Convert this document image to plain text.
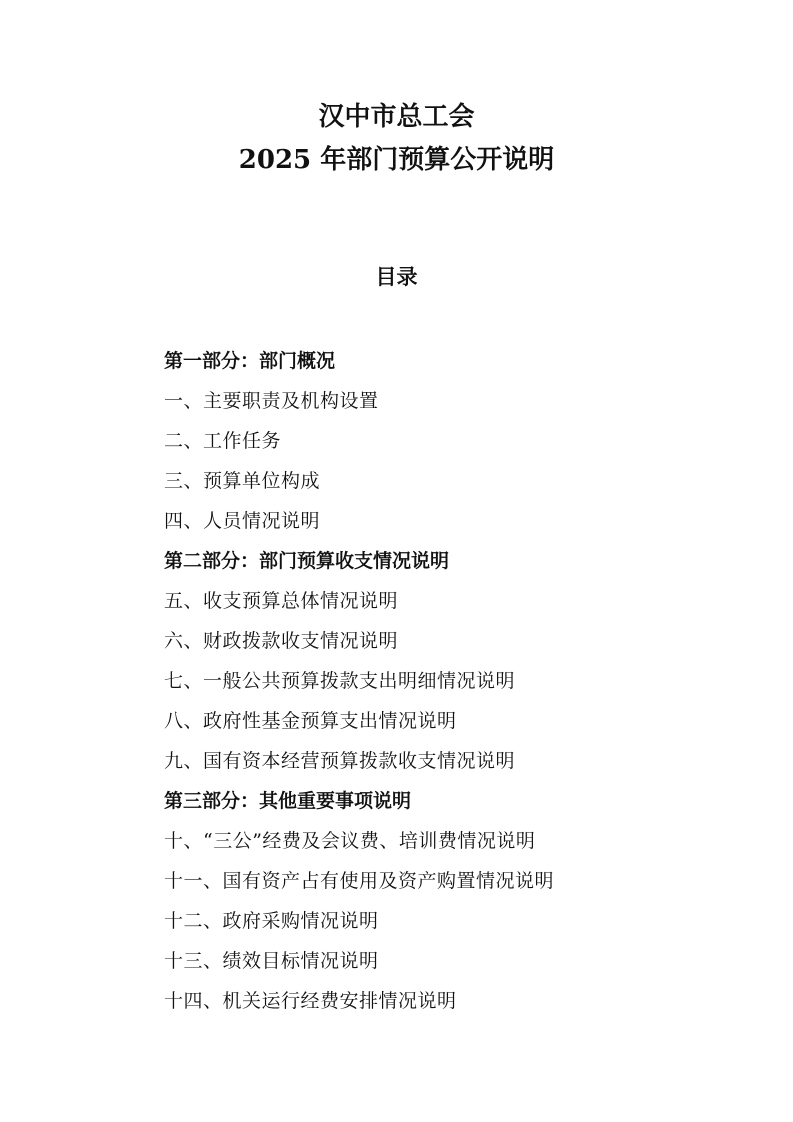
汉中市总工会
2025 年部门预算公开说明
目录
第一部分：部门概况
一、主要职责及机构设置
二、工作任务
三、预算单位构成
四、人员情况说明
第二部分：部门预算收支情况说明
五、收支预算总体情况说明
六、财政拨款收支情况说明
七、一般公共预算拨款支出明细情况说明
八、政府性基金预算支出情况说明
九、国有资本经营预算拨款收支情况说明
第三部分：其他重要事项说明
十、“三公”经费及会议费、培训费情况说明
十一、国有资产占有使用及资产购置情况说明
十二、政府采购情况说明
十三、绩效目标情况说明
十四、机关运行经费安排情况说明
